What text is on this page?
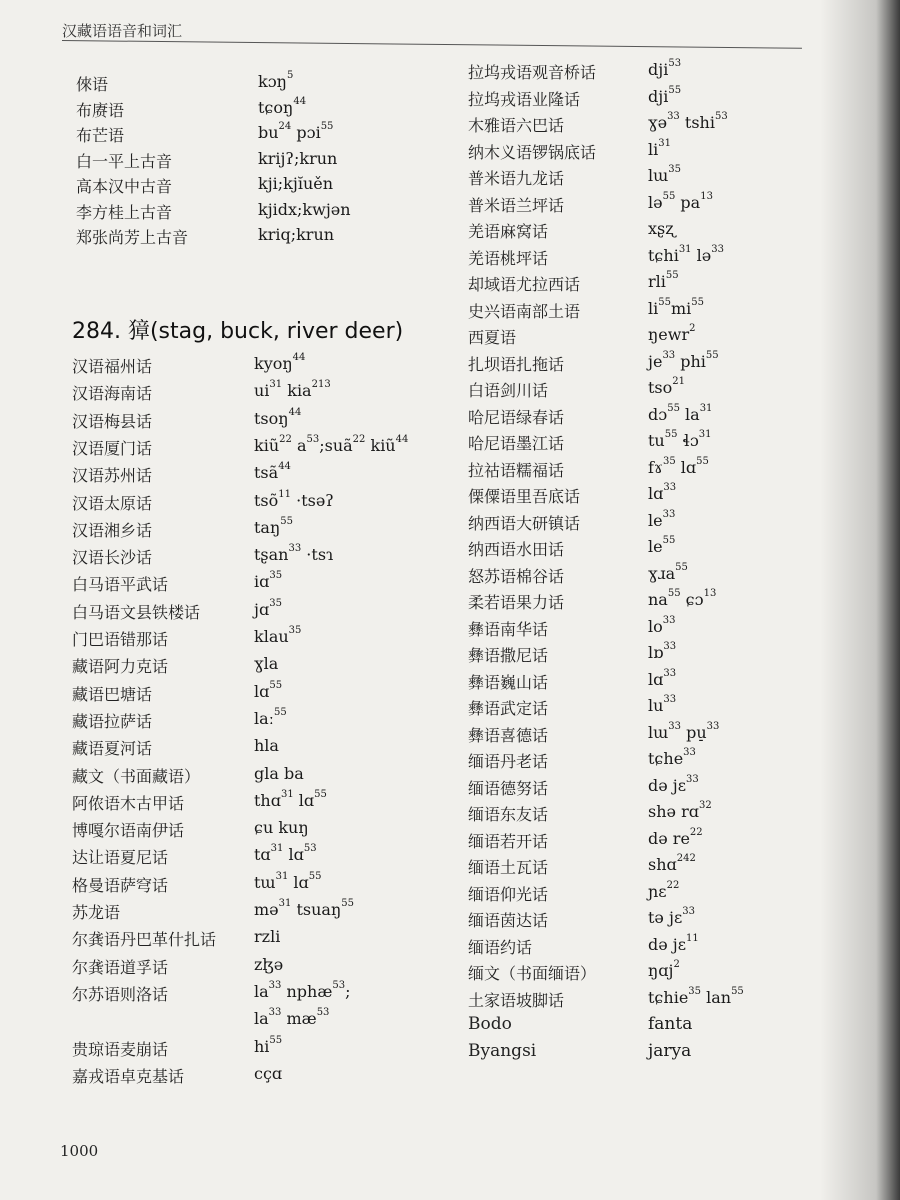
汉藏语语音和词汇
倈语	kɔŋ$^5$
布赓语	tɕoŋ$^{44}$
布芒语	$bu^{24}$ pɔi$^{55}$
白一平上古音	krijʔ;krun
高本汉中古音	kji;kjĭuěn
李方桂上古音	kjidx;kwjən
郑张尚芳上古音	kriq;krun
284. 獐(stag, buck, river deer)
汉语福州话	kyoŋ$^{44}$
汉语海南话	$ui^{31}$ kia$^{213}$
汉语梅县话	tsoŋ$^{44}$
汉语厦门话	kiũ$^{22}$ $a^{53};suã^{22}$ kiũ$^{44}$
汉语苏州话	tsã$^{44}$
汉语太原话	tsõ$^{11}$ ·tsəʔ
汉语湘乡话	taŋ$^{55}$
汉语长沙话	tʂan$^{33}$ ·tsɿ
白马语平武话	iɑ$^{35}$
白马语文县铁楼话	jɑ$^{35}$
门巴语错那话	klau$^{35}$
藏语阿力克话	ɣla
藏语巴塘话	lɑ$^{55}$
藏语拉萨话	laː$^{55}$
藏语夏河话	hla
藏文（书面藏语）	gla ba
阿侬语木古甲话	thɑ$^{31}$ lɑ$^{55}$
博嘎尔语南伊话	ɕu kuŋ
达让语夏尼话	tɑ$^{31}$ lɑ$^{53}$
格曼语萨穹话	tɯ$^{31}$ lɑ$^{55}$
苏龙语	mə$^{31}$ tsuaŋ$^{55}$
尔龚语丹巴革什扎话 rzli
尔龚语道孚话	zɮə
尔苏语则洛话	$la^{33}$ nphæ$^{53}$;
$la^{33}$ $mæ^{53}$
贵琼语麦崩话	$hi^{55}$
嘉戎语卓克基话	cçɑ
拉坞戎语观音桥话	dji$^{53}$
拉坞戎语业隆话	dji$^{55}$
木雅语六巴话	ɣə$^{33}$ tshi$^{53}$
纳木义语锣锅底话	$li^{31}$
普米语九龙话	lɯ$^{35}$
普米语兰坪话	lə$^{55}$ $pa^{13}$
羌语麻窝话	xʂʐ
羌语桃坪话	tɕhi$^{31}$ lə$^{33}$
却域语尤拉西话	rli$^{55}$
史兴语南部土语	$li^{55}mi^{55}$
西夏语	ŋewr$^2$
扎坝语扎拖话	$je^{33}$ phi$^{55}$
白语剑川话	tso$^{21}$
哈尼语绿春话	dɔ$^{55}$ $la^{31}$
哈尼语墨江话	$tu^{55}$ ɬɔ$^{31}$
拉祜语糯福话	fɤ$^{35}$ lɑ$^{55}$
傈僳语里吾底话	lɑ$^{33}$
纳西语大研镇话	$le^{33}$
纳西语水田话	$le^{55}$
怒苏语棉谷话	ɣɹa$^{55}$
柔若语果力话	$na^{55}$ ɕɔ$^{13}$
彝语南华话	$lo^{33}$
彝语撒尼话	lɒ$^{33}$
彝语巍山话	lɑ$^{33}$
彝语武定话	$lu^{33}$
彝语喜德话	lɯ$^{33}$ pu̠$^{33}$
缅语丹老话	tɕhe$^{33}$
缅语德努话	də jɛ$^{33}$
缅语东友话	shə rɑ$^{32}$
缅语若开话	də $re^{22}$
缅语土瓦话	shɑ$^{242}$
缅语仰光话	ɲɛ$^{22}$
缅语茵达话	tə jɛ$^{33}$
缅语约话	də jɛ$^{11}$
缅文（书面缅语）	ŋɑj$^2$
土家语坡脚话	tɕhie$^{35}$ lan$^{55}$
Bodo	fanta
Byangsi	jarya
1000
